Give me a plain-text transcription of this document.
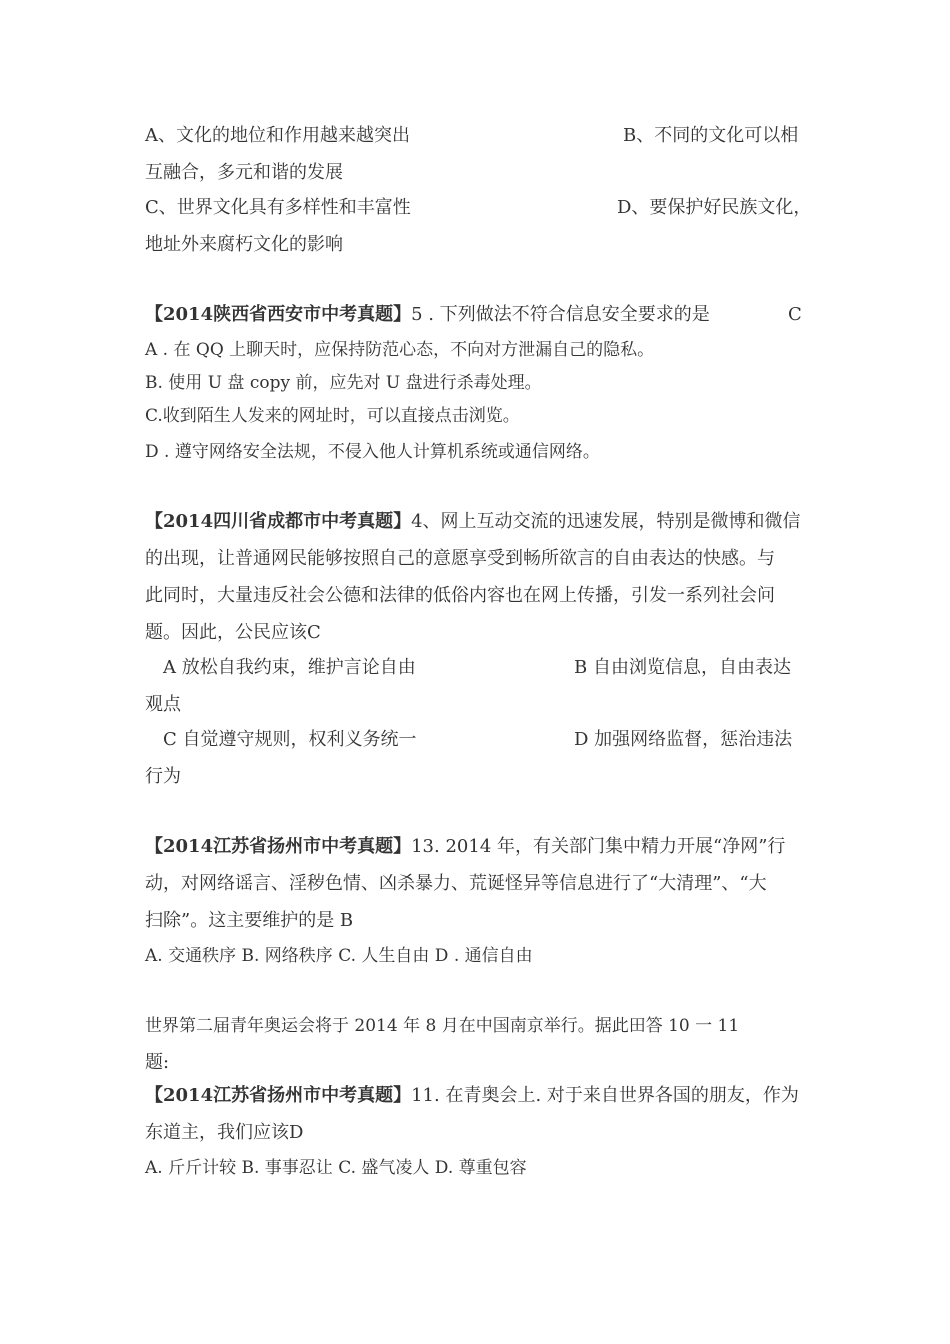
A、文化的地位和作用越来越突出	B、不同的文化可以相
互融合，多元和谐的发展
C、世界文化具有多样性和丰富性	D、要保护好民族文化，
地址外来腐朽文化的影响
【2014陕西省西安市中考真题】5 . 下列做法不符合信息安全要求的是	C
A . 在 QQ 上聊天时，应保持防范心态，不向对方泄漏自己的隐私。
B. 使用 U 盘 copy 前，应先对 U 盘进行杀毒处理。
C.收到陌生人发来的网址时，可以直接点击浏览。
D . 遵守网络安全法规，不侵入他人计算机系统或通信网络。
【2014四川省成都市中考真题】4、网上互动交流的迅速发展，特别是微博和微信
的出现，让普通网民能够按照自己的意愿享受到畅所欲言的自由表达的快感。与
此同时，大量违反社会公德和法律的低俗内容也在网上传播，引发一系列社会问
题。因此，公民应该C
A 放松自我约束，维护言论自由	B 自由浏览信息，自由表达
观点
C 自觉遵守规则，权利义务统一	D 加强网络监督，惩治违法
行为
【2014江苏省扬州市中考真题】13. 2014 年，有关部门集中精力开展“净网”行
动，对网络谣言、淫秽色情、凶杀暴力、荒诞怪异等信息进行了“大清理”、“大
扫除”。这主要维护的是 B
A. 交通秩序 B. 网络秩序 C. 人生自由 D . 通信自由
世界第二届青年奥运会将于 2014 年 8 月在中国南京举行。据此田答 10 一 11
题:
【2014江苏省扬州市中考真题】11. 在青奥会上. 对于来自世界各国的朋友，作为
东道主，我们应该D
A. 斤斤计较 B. 事事忍让 C. 盛气凌人 D. 尊重包容
